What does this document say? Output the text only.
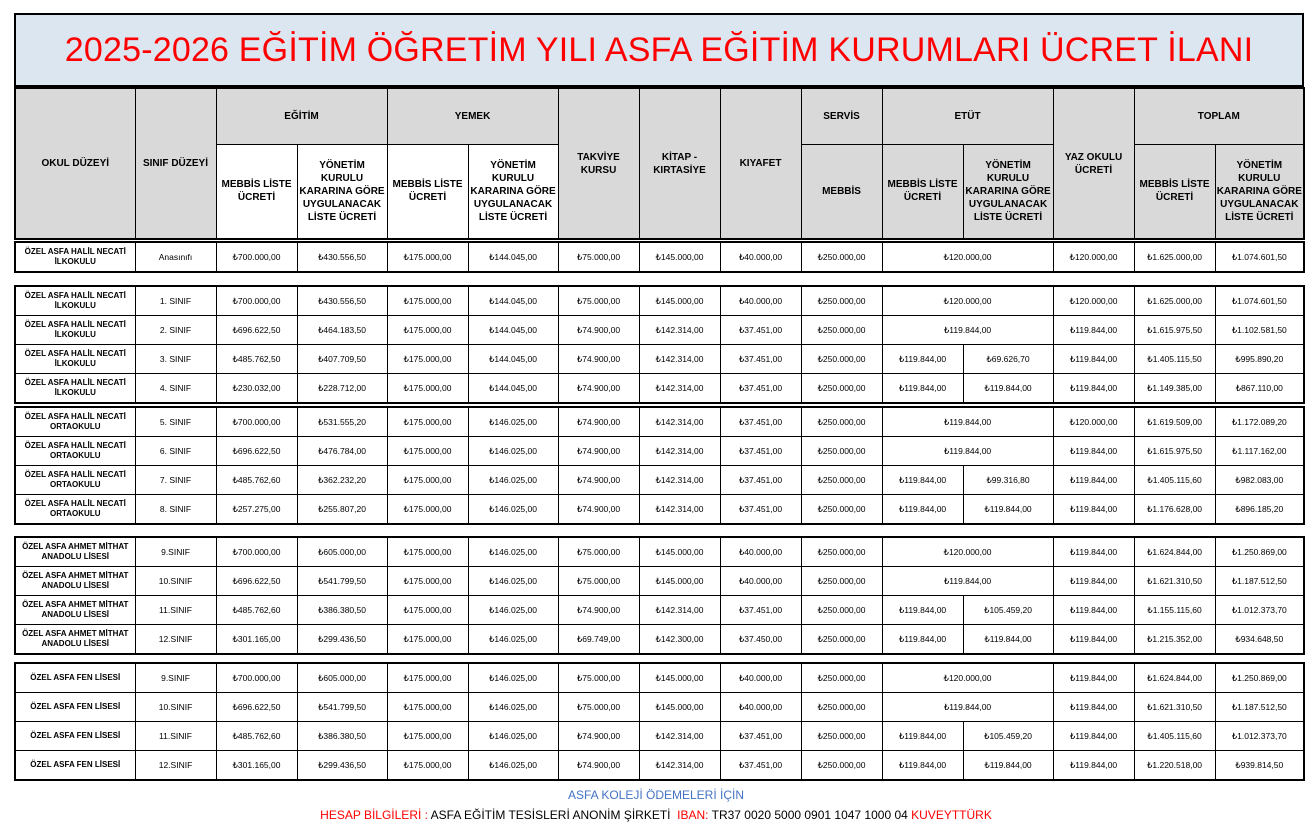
2025-2026 EĞİTİM ÖĞRETİM YILI ASFA EĞİTİM KURUMLARI ÜCRET İLANI
OKUL DÜZEYİ	SINIF DÜZEYİ	EĞİTİM		YEMEK		TAKVİYE KURSU	KİTAP - KIRTASİYE	KIYAFET	SERVİS	ETÜT		YAZ OKULU ÜCRETİ	TOPLAM	
		MEBBİS LİSTE ÜCRETİ	YÖNETİM KURULU KARARINA GÖRE UYGULANACAK LİSTE ÜCRETİ	MEBBİS LİSTE ÜCRETİ	YÖNETİM KURULU KARARINA GÖRE UYGULANACAK LİSTE ÜCRETİ				MEBBİS	MEBBİS LİSTE ÜCRETİ	YÖNETİM KURULU KARARINA GÖRE UYGULANACAK LİSTE ÜCRETİ		MEBBİS LİSTE ÜCRETİ	YÖNETİM KURULU KARARINA GÖRE UYGULANACAK LİSTE ÜCRETİ
ÖZEL ASFA HALİL NECATİ İLKOKULU	Anasınıfı	₺700.000,00	₺430.556,50	₺175.000,00	₺144.045,00	₺75.000,00	₺145.000,00	₺40.000,00	₺250.000,00	₺120.000,00	₺120.000,00	₺1.625.000,00	₺1.074.601,50
ÖZEL ASFA HALİL NECATİ İLKOKULU	1. SINIF	₺700.000,00	₺430.556,50	₺175.000,00	₺144.045,00	₺75.000,00	₺145.000,00	₺40.000,00	₺250.000,00	₺120.000,00		₺120.000,00	₺1.625.000,00	₺1.074.601,50
ÖZEL ASFA HALİL NECATİ İLKOKULU	2. SINIF	₺696.622,50	₺464.183,50	₺175.000,00	₺144.045,00	₺74.900,00	₺142.314,00	₺37.451,00	₺250.000,00	₺119.844,00		₺119.844,00	₺1.615.975,50	₺1.102.581,50
ÖZEL ASFA HALİL NECATİ İLKOKULU	3. SINIF	₺485.762,50	₺407.709,50	₺175.000,00	₺144.045,00	₺74.900,00	₺142.314,00	₺37.451,00	₺250.000,00	₺119.844,00	₺69.626,70	₺119.844,00	₺1.405.115,50	₺995.890,20
ÖZEL ASFA HALİL NECATİ İLKOKULU	4. SINIF	₺230.032,00	₺228.712,00	₺175.000,00	₺144.045,00	₺74.900,00	₺142.314,00	₺37.451,00	₺250.000,00	₺119.844,00	₺119.844,00	₺119.844,00	₺1.149.385,00	₺867.110,00
ÖZEL ASFA HALİL NECATİ ORTAOKULU	5. SINIF	₺700.000,00	₺531.555,20	₺175.000,00	₺146.025,00	₺74.900,00	₺142.314,00	₺37.451,00	₺250.000,00	₺119.844,00		₺120.000,00	₺1.619.509,00	₺1.172.089,20
ÖZEL ASFA HALİL NECATİ ORTAOKULU	6. SINIF	₺696.622,50	₺476.784,00	₺175.000,00	₺146.025,00	₺74.900,00	₺142.314,00	₺37.451,00	₺250.000,00	₺119.844,00		₺119.844,00	₺1.615.975,50	₺1.117.162,00
ÖZEL ASFA HALİL NECATİ ORTAOKULU	7. SINIF	₺485.762,60	₺362.232,20	₺175.000,00	₺146.025,00	₺74.900,00	₺142.314,00	₺37.451,00	₺250.000,00	₺119.844,00	₺99.316,80	₺119.844,00	₺1.405.115,60	₺982.083,00
ÖZEL ASFA HALİL NECATİ ORTAOKULU	8. SINIF	₺257.275,00	₺255.807,20	₺175.000,00	₺146.025,00	₺74.900,00	₺142.314,00	₺37.451,00	₺250.000,00	₺119.844,00	₺119.844,00	₺119.844,00	₺1.176.628,00	₺896.185,20
ÖZEL ASFA AHMET MİTHAT ANADOLU LİSESİ	9.SINIF	₺700.000,00	₺605.000,00	₺175.000,00	₺146.025,00	₺75.000,00	₺145.000,00	₺40.000,00	₺250.000,00	₺120.000,00		₺119.844,00	₺1.624.844,00	₺1.250.869,00
ÖZEL ASFA AHMET MİTHAT ANADOLU LİSESİ	10.SINIF	₺696.622,50	₺541.799,50	₺175.000,00	₺146.025,00	₺75.000,00	₺145.000,00	₺40.000,00	₺250.000,00	₺119.844,00		₺119.844,00	₺1.621.310,50	₺1.187.512,50
ÖZEL ASFA AHMET MİTHAT ANADOLU LİSESİ	11.SINIF	₺485.762,60	₺386.380,50	₺175.000,00	₺146.025,00	₺74.900,00	₺142.314,00	₺37.451,00	₺250.000,00	₺119.844,00	₺105.459,20	₺119.844,00	₺1.155.115,60	₺1.012.373,70
ÖZEL ASFA AHMET MİTHAT ANADOLU LİSESİ	12.SINIF	₺301.165,00	₺299.436,50	₺175.000,00	₺146.025,00	₺69.749,00	₺142.300,00	₺37.450,00	₺250.000,00	₺119.844,00	₺119.844,00	₺119.844,00	₺1.215.352,00	₺934.648,50
ÖZEL ASFA FEN LİSESİ	9.SINIF	₺700.000,00	₺605.000,00	₺175.000,00	₺146.025,00	₺75.000,00	₺145.000,00	₺40.000,00	₺250.000,00	₺120.000,00		₺119.844,00	₺1.624.844,00	₺1.250.869,00
ÖZEL ASFA FEN LİSESİ	10.SINIF	₺696.622,50	₺541.799,50	₺175.000,00	₺146.025,00	₺75.000,00	₺145.000,00	₺40.000,00	₺250.000,00	₺119.844,00		₺119.844,00	₺1.621.310,50	₺1.187.512,50
ÖZEL ASFA FEN LİSESİ	11.SINIF	₺485.762,60	₺386.380,50	₺175.000,00	₺146.025,00	₺74.900,00	₺142.314,00	₺37.451,00	₺250.000,00	₺119.844,00	₺105.459,20	₺119.844,00	₺1.405.115,60	₺1.012.373,70
ÖZEL ASFA FEN LİSESİ	12.SINIF	₺301.165,00	₺299.436,50	₺175.000,00	₺146.025,00	₺74.900,00	₺142.314,00	₺37.451,00	₺250.000,00	₺119.844,00	₺119.844,00	₺119.844,00	₺1.220.518,00	₺939.814,50
ASFA KOLEJİ ÖDEMELERİ İÇİN
HESAP BİLGİLERİ : ASFA EĞİTİM TESİSLERİ ANONİM ŞİRKETİ IBAN: TR37 0020 5000 0901 1047 1000 04 KUVEYTTÜRK
